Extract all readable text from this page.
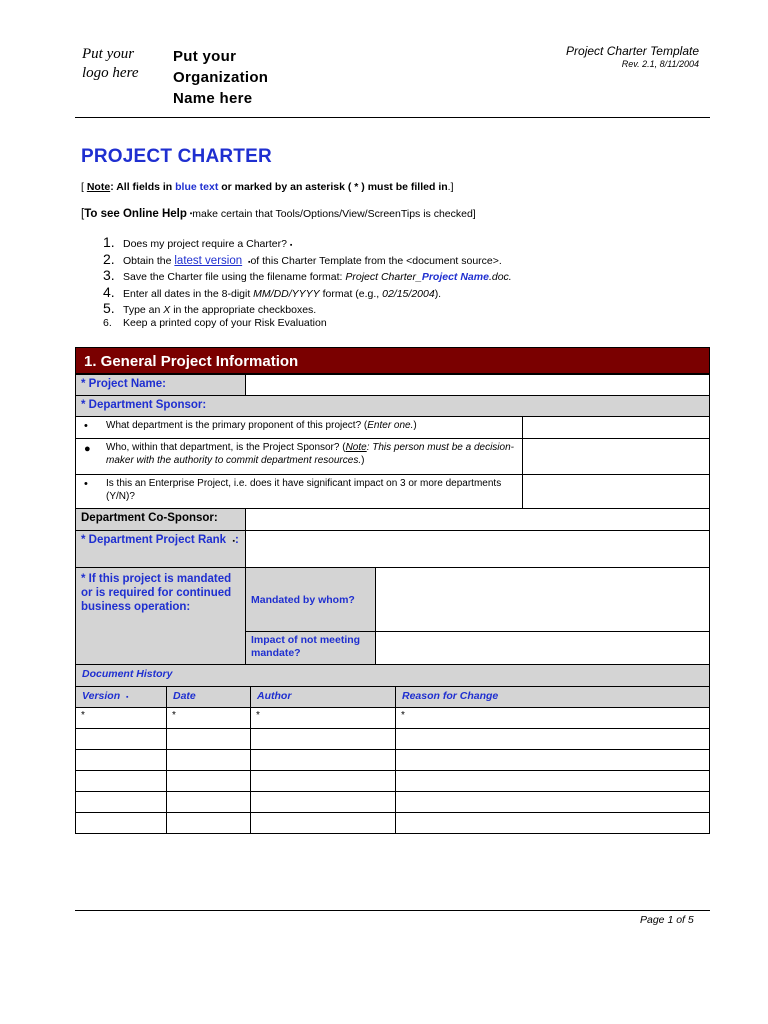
Put your
logo here
Put your
Organization
Name here
Project Charter Template
Rev. 2.1, 8/11/2004
PROJECT CHARTER
[ Note: All fields in blue text or marked by an asterisk ( * ) must be filled in.]
[To see Online Help ▪make certain that Tools/Options/View/ScreenTips is checked]
1. Does my project require a Charter?
▪
2. Obtain the latest version ▪of this Charter Template from the <document source>.
3. Save the Charter file using the filename format: Project Charter_Project Name.doc.
4. Enter all dates in the 8-digit MM/DD/YYYY format (e.g., 02/15/2004).
5. Type an X in the appropriate checkboxes.
6.	Keep a printed copy of your Risk Evaluation
1. General Project Information
* Project Name:
* Department Sponsor:
• What department is the primary proponent of this project? (Enter one.)
● Who, within that department, is the Project Sponsor? (Note: This person must be a decision-maker with the authority to commit department resources.)
• Is this an Enterprise Project, i.e. does it have significant impact on 3 or more departments (Y/N)?
Department Co-Sponsor:
* Department Project Rank ▪:
* If this project is mandated or is required for continued business operation:
Mandated by whom?
Impact of not meeting mandate?
Document History
Version ▪	Date	Author	Reason for Change
*	*	*	*
Page 1 of 5
